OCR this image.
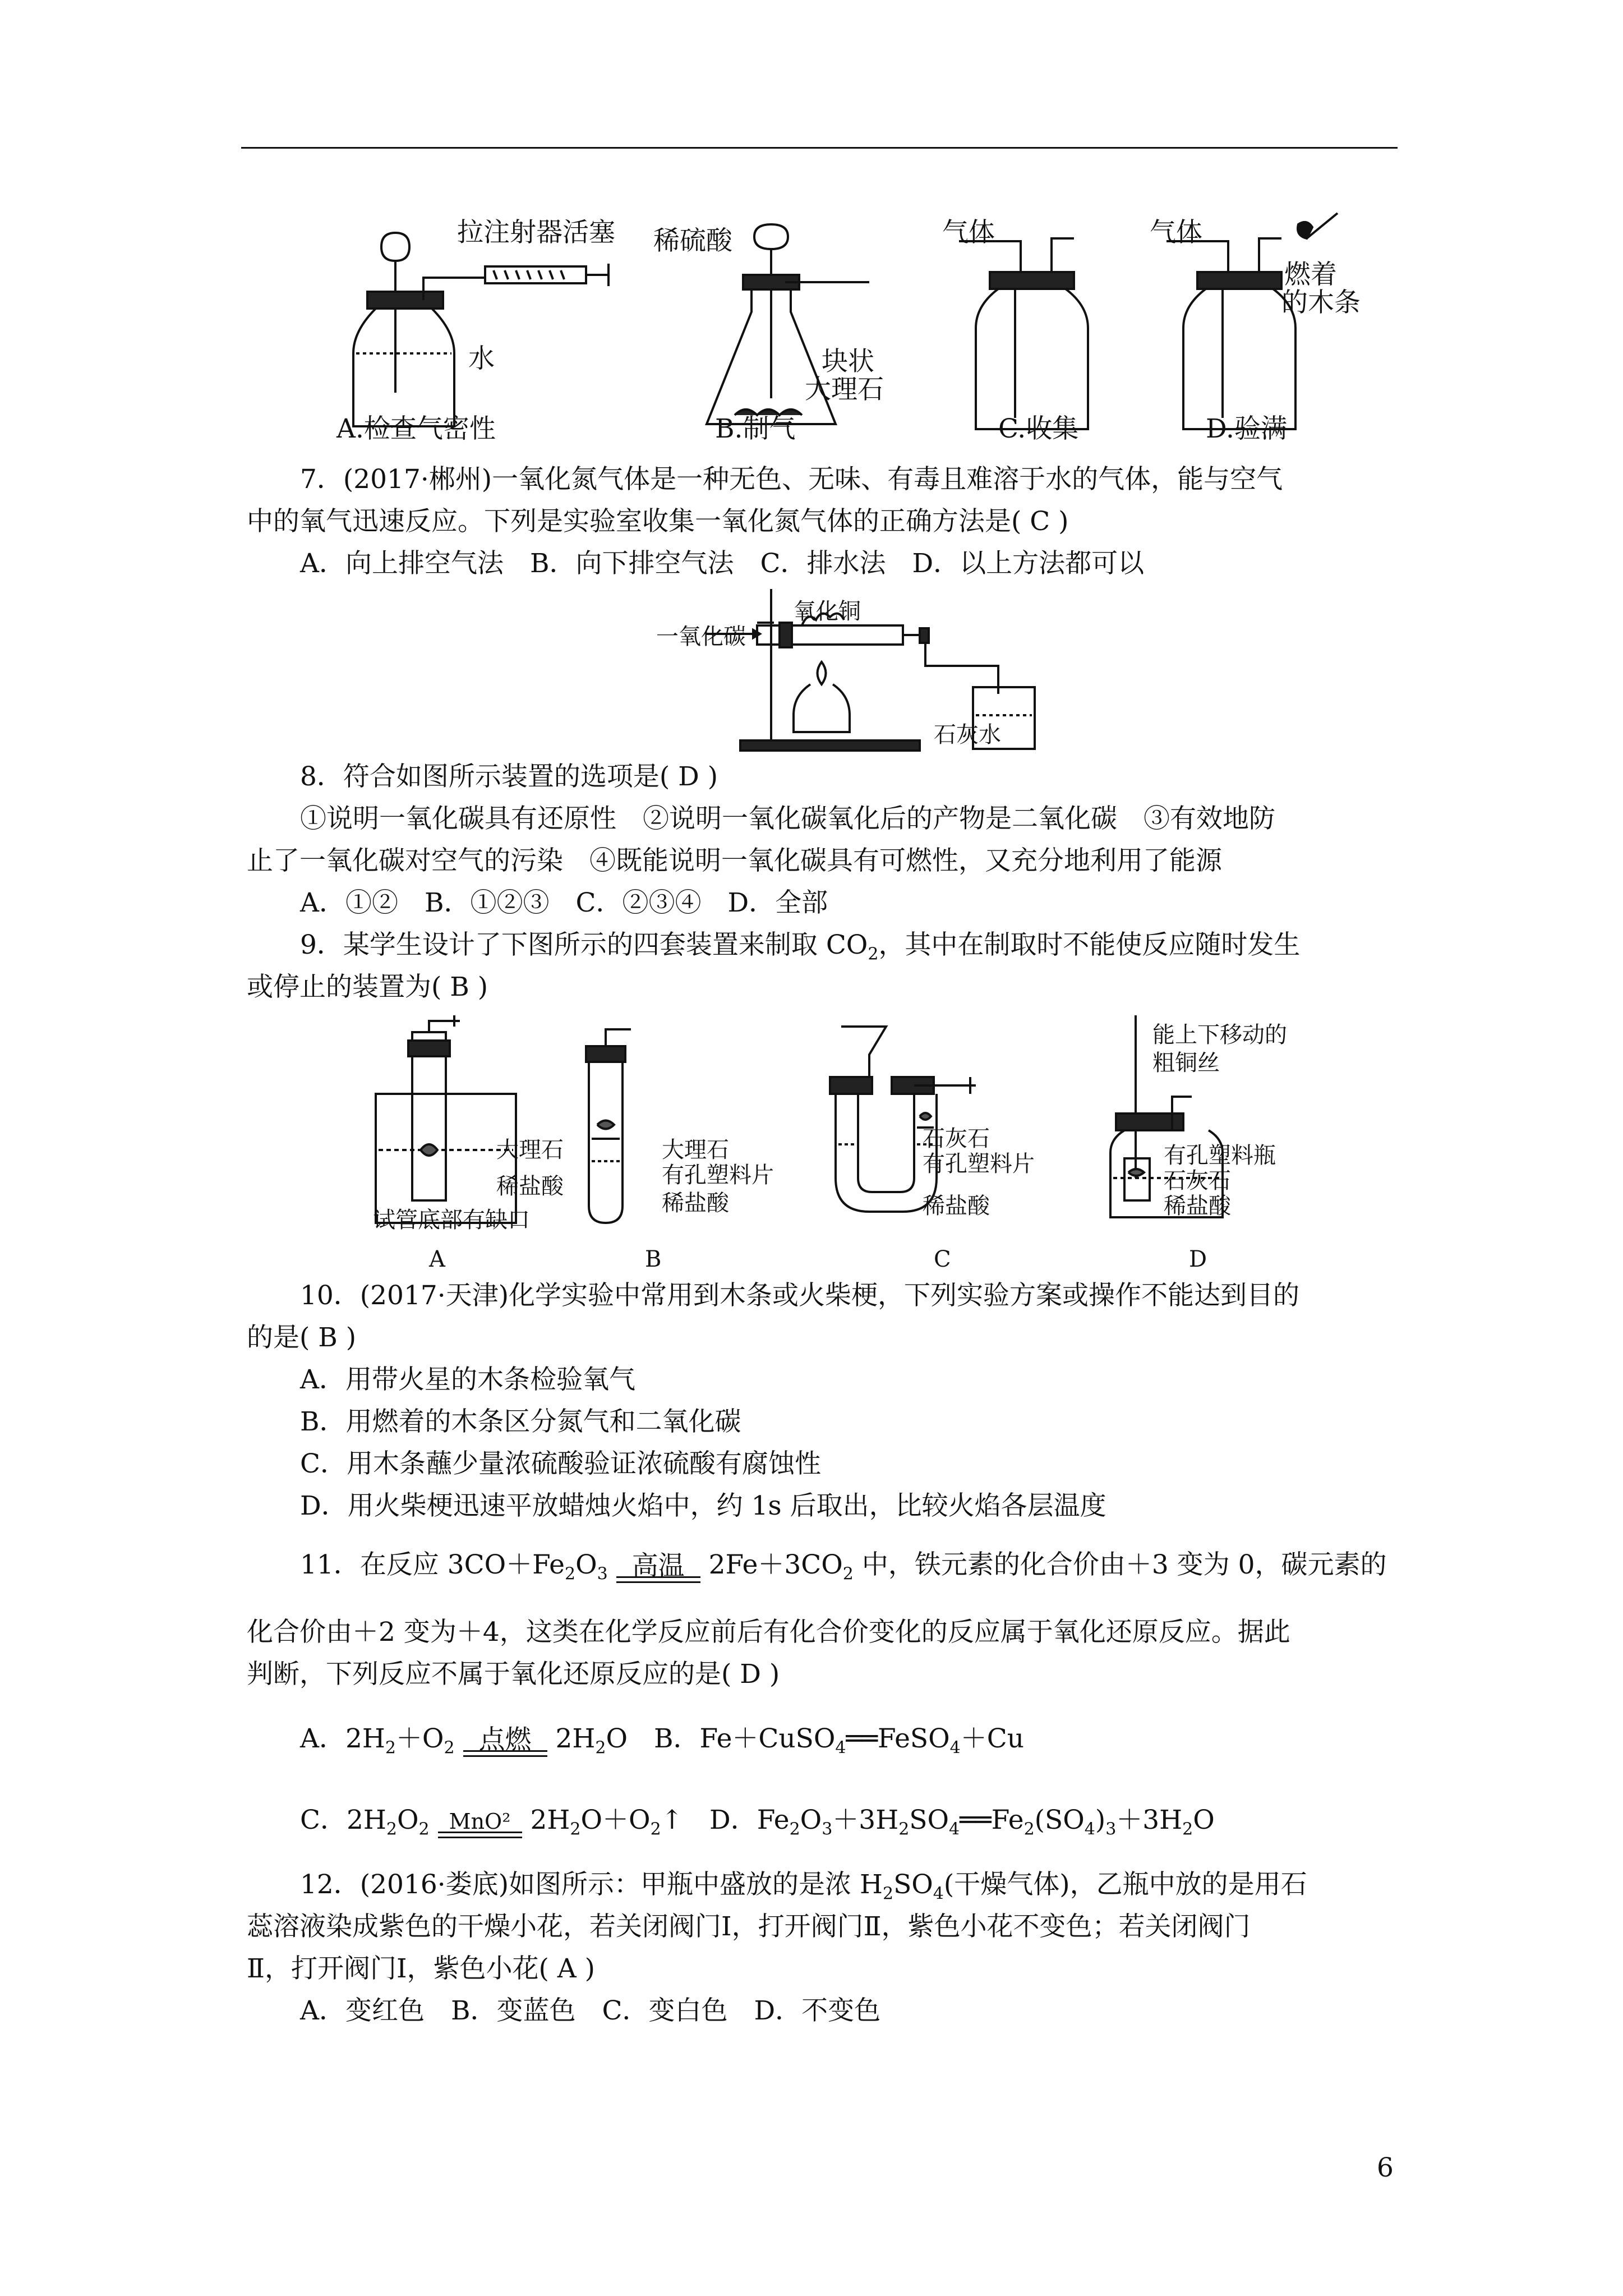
拉注射器活塞
水
A.检查气密性
稀硫酸
块状
大理石
B.制气
气体
C.收集
气体
燃着
的木条
D.验满
7．(2017·郴州)一氧化氮气体是一种无色、无味、有毒且难溶于水的气体，能与空气
中的氧气迅速反应。下列是实验室收集一氧化氮气体的正确方法是( C )
A．向上排空气法　B．向下排空气法　C．排水法　D．以上方法都可以
一氧化碳
氧化铜
石灰水
8．符合如图所示装置的选项是( D )
①说明一氧化碳具有还原性　②说明一氧化碳氧化后的产物是二氧化碳　③有效地防
止了一氧化碳对空气的污染　④既能说明一氧化碳具有可燃性，又充分地利用了能源
A．①②　B．①②③　C．②③④　D．全部
9．某学生设计了下图所示的四套装置来制取 $CO_2$，其中在制取时不能使反应随时发生
或停止的装置为( B )
大理石
稀盐酸
试管底部有缺口
A
大理石
有孔塑料片
稀盐酸
B
石灰石
有孔塑料片
稀盐酸
C
能上下移动的
粗铜丝
有孔塑料瓶
石灰石
稀盐酸
D
10．(2017·天津)化学实验中常用到木条或火柴梗，下列实验方案或操作不能达到目的
的是( B )
A．用带火星的木条检验氧气
B．用燃着的木条区分氮气和二氧化碳
C．用木条蘸少量浓硫酸验证浓硫酸有腐蚀性
D．用火柴梗迅速平放蜡烛火焰中，约 1s 后取出，比较火焰各层温度
11．在反应 $3CO+Fe_2O_3$ 高温 $2Fe+3CO_2$ 中，铁元素的化合价由＋3 变为 0，碳元素的
化合价由＋2 变为＋4，这类在化学反应前后有化合价变化的反应属于氧化还原反应。据此
判断，下列反应不属于氧化还原反应的是( D )
A．$2H_2+O_2$ 点燃 $2H_2O$　B．Fe＋CuSO$_4$══FeSO$_4$＋Cu
C．$2H_2O_2$ MnO² $2H_2O+O_2↑$　D．$Fe_2O_3+3H_2SO_4══Fe_2(SO_4)_3+3H_2O$
12．(2016·娄底)如图所示：甲瓶中盛放的是浓 $H_2SO_4$(干燥气体)，乙瓶中放的是用石
蕊溶液染成紫色的干燥小花，若关闭阀门Ⅰ，打开阀门Ⅱ，紫色小花不变色；若关闭阀门
Ⅱ，打开阀门Ⅰ，紫色小花( A )
A．变红色　B．变蓝色　C．变白色　D．不变色
6
